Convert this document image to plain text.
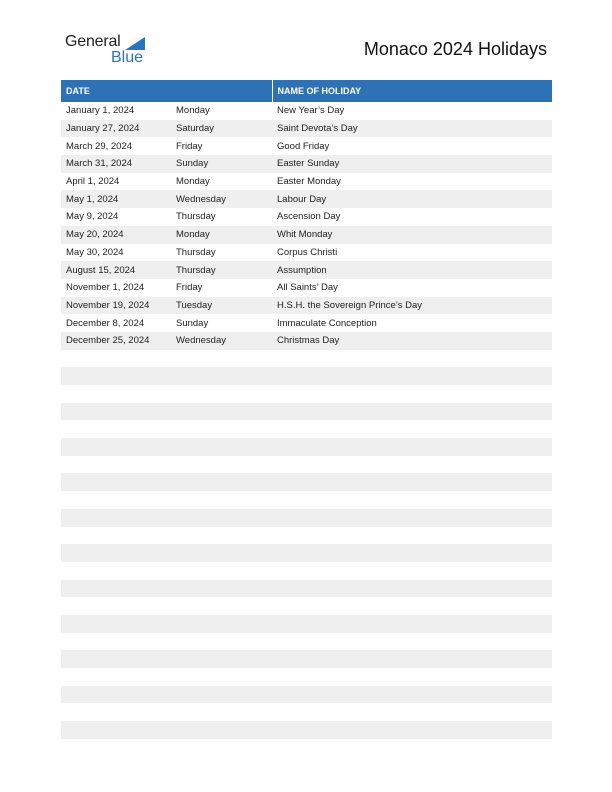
General
Blue	Monaco 2024 Holidays
DATE		NAME OF HOLIDAY
January 1, 2024	Monday	New Year’s Day
January 27, 2024	Saturday	Saint Devota’s Day
March 29, 2024	Friday	Good Friday
March 31, 2024	Sunday	Easter Sunday
April 1, 2024	Monday	Easter Monday
May 1, 2024	Wednesday	Labour Day
May 9, 2024	Thursday	Ascension Day
May 20, 2024	Monday	Whit Monday
May 30, 2024	Thursday	Corpus Christi
August 15, 2024	Thursday	Assumption
November 1, 2024	Friday	All Saints’ Day
November 19, 2024	Tuesday	H.S.H. the Sovereign Prince’s Day
December 8, 2024	Sunday	Immaculate Conception
December 25, 2024	Wednesday	Christmas Day
